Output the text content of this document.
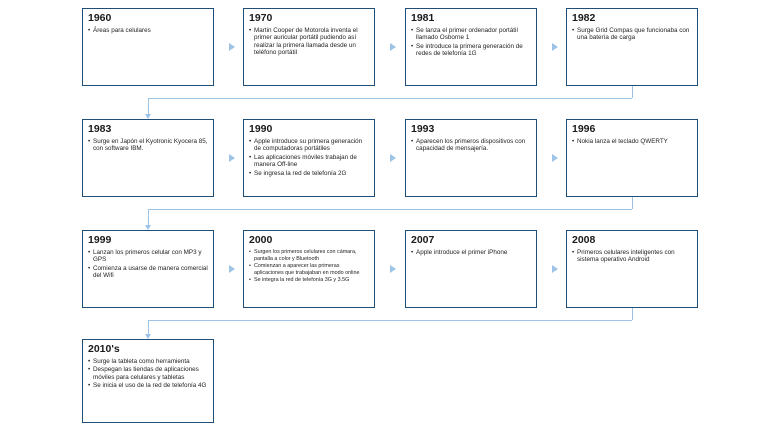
1960
• Áreas para celulares
1970
• Martin Cooper de Motorola inventa el primer auricular portátil pudiendo así realizar la primera llamada desde un teléfono portátil
1981
• Se lanza el primer ordenador portátil llamado Osborne 1
• Se introduce la primera generación de redes de telefonía 1G
1982
• Surge Grid Compas que funcionaba con una batería de carga
1983
• Surge en Japón el Kyotronic Kyocera 85, con software IBM.
1990
• Apple introduce su primera generación de computadoras portátiles
• Las aplicaciones móviles trabajan de manera Off-line
• Se ingresa la red de telefonía 2G
1993
• Aparecen los primeros dispositivos con capacidad de mensajería.
1996
• Nokia lanza el teclado QWERTY
1999
• Lanzan los primeros celular con MP3 y GPS
• Comienza a usarse de manera comercial del Wifi
2000
• Surgen los primeros celulares con cámara, pantalla a color y Bluetooth
• Comienzan a aparecer las primeras aplicaciones que trabajaban en modo online
• Se integra la red de telefonía 3G y 3.5G
2007
• Apple introduce el primer iPhone
2008
• Primeros celulares inteligentes con sistema operativo Android
2010's
• Surge la tableta como herramienta
• Despegan las tiendas de aplicaciones móviles para celulares y tabletas
• Se inicia el uso de la red de telefonía 4G
